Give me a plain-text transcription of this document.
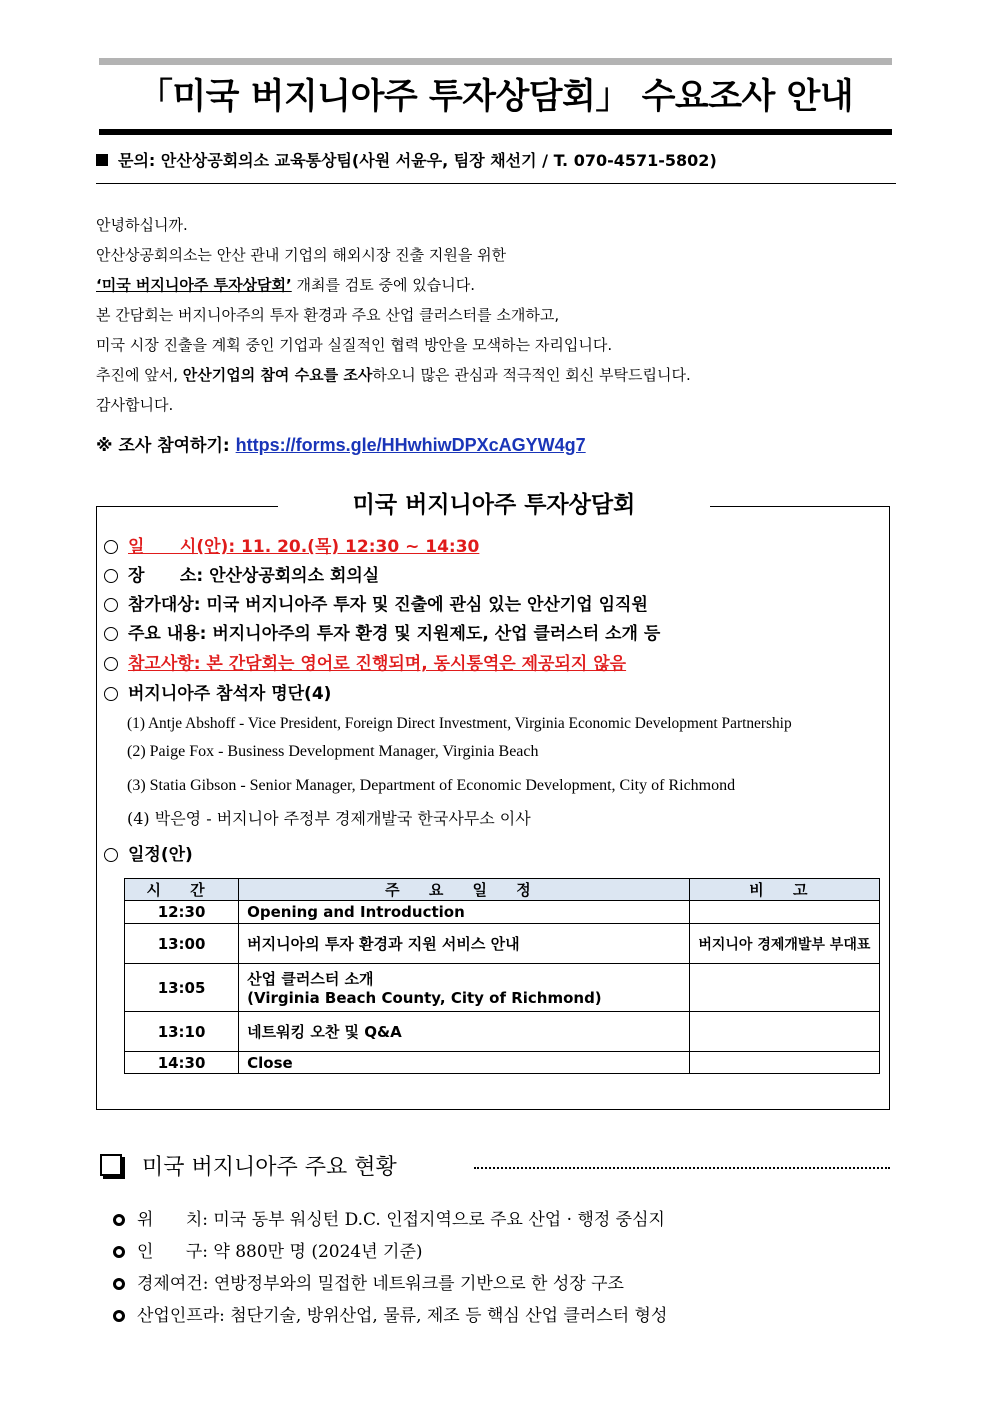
「미국 버지니아주 투자상담회」 수요조사 안내
문의: 안산상공회의소 교육통상팀(사원 서윤우, 팀장 채선기 / T. 070-4571-5802)
안녕하십니까.
안산상공회의소는 안산 관내 기업의 해외시장 진출 지원을 위한
‘미국 버지니아주 투자상담회’ 개최를 검토 중에 있습니다.
본 간담회는 버지니아주의 투자 환경과 주요 산업 클러스터를 소개하고,
미국 시장 진출을 계획 중인 기업과 실질적인 협력 방안을 모색하는 자리입니다.
추진에 앞서, 안산기업의 참여 수요를 조사하오니 많은 관심과 적극적인 회신 부탁드립니다.
감사합니다.
※ 조사 참여하기: https://forms.gle/HHwhiwDPXcAGYW4g7
미국 버지니아주 투자상담회
일      시(안): 11. 20.(목) 12:30 ~ 14:30
장      소: 안산상공회의소 회의실
참가대상: 미국 버지니아주 투자 및 진출에 관심 있는 안산기업 임직원
주요 내용: 버지니아주의 투자 환경 및 지원제도, 산업 클러스터 소개 등
참고사항: 본 간담회는 영어로 진행되며, 동시통역은 제공되지 않음
버지니아주 참석자 명단(4)
(1) Antje Abshoff - Vice President, Foreign Direct Investment, Virginia Economic Development Partnership
(2) Paige Fox - Business Development Manager, Virginia Beach
(3) Statia Gibson - Senior Manager, Department of Economic Development, City of Richmond
(4) 박은영 - 버지니아 주정부 경제개발국 한국사무소 이사
일정(안)
시 간	주 요 일 정	비 고
12:30	Opening and Introduction	
13:00	버지니아의 투자 환경과 지원 서비스 안내	버지니아 경제개발부 부대표
13:05	산업 클러스터 소개
(Virginia Beach County, City of Richmond)	

13:10	네트워킹 오찬 및 Q&A	
14:30	Close	
미국 버지니아주 주요 현황
위      치: 미국 동부 워싱턴 D.C. 인접지역으로 주요 산업 · 행정 중심지
인      구: 약 880만 명 (2024년 기준)
경제여건: 연방정부와의 밀접한 네트워크를 기반으로 한 성장 구조
산업인프라: 첨단기술, 방위산업, 물류, 제조 등 핵심 산업 클러스터 형성
